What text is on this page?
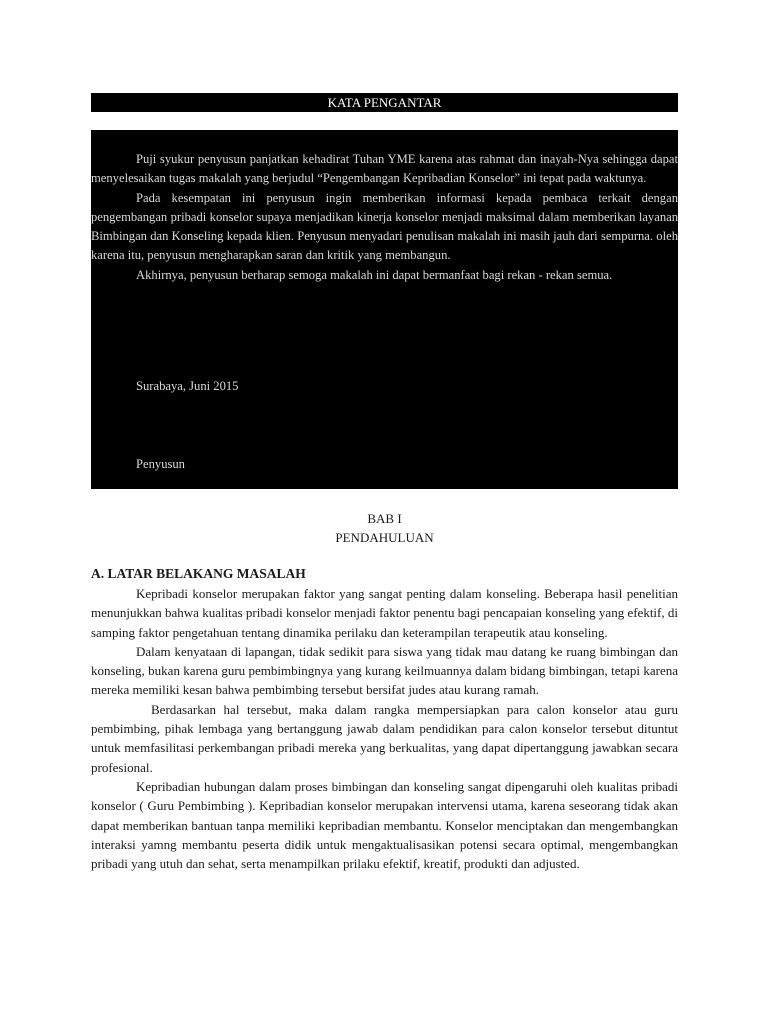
KATA PENGANTAR

Puji syukur penyusun panjatkan kehadirat Tuhan YME karena atas rahmat dan inayah-Nya sehingga dapat menyelesaikan tugas makalah yang berjudul “Pengembangan Kepribadian Konselor” ini tepat pada waktunya.

Pada kesempatan ini penyusun ingin memberikan informasi kepada pembaca terkait dengan pengembangan pribadi konselor supaya menjadikan kinerja konselor menjadi maksimal dalam memberikan layanan Bimbingan dan Konseling kepada klien. Penyusun menyadari penulisan makalah ini masih jauh dari sempurna. oleh karena itu, penyusun mengharapkan saran dan kritik yang membangun.

Akhirnya, penyusun berharap semoga makalah ini dapat bermanfaat bagi rekan - rekan semua.

Surabaya, Juni 2015
Penyusun
BAB I
PENDAHULUAN
A. LATAR BELAKANG MASALAH

Kepribadi konselor merupakan faktor yang sangat penting dalam konseling. Beberapa hasil penelitian menunjukkan bahwa kualitas pribadi konselor menjadi faktor penentu bagi pencapaian konseling yang efektif, di samping faktor pengetahuan tentang dinamika perilaku dan keterampilan terapeutik atau konseling.

Dalam kenyataan di lapangan, tidak sedikit para siswa yang tidak mau datang ke ruang bimbingan dan konseling, bukan karena guru pembimbingnya yang kurang keilmuannya dalam bidang bimbingan, tetapi karena mereka memiliki kesan bahwa pembimbing tersebut bersifat judes atau kurang ramah.

Berdasarkan hal tersebut, maka dalam rangka mempersiapkan para calon konselor atau guru pembimbing, pihak lembaga yang bertanggung jawab dalam pendidikan para calon konselor tersebut dituntut untuk memfasilitasi perkembangan pribadi mereka yang berkualitas, yang dapat dipertanggung jawabkan secara profesional.

Kepribadian hubungan dalam proses bimbingan dan konseling sangat dipengaruhi oleh kualitas pribadi konselor ( Guru Pembimbing ). Kepribadian konselor merupakan intervensi utama, karena seseorang tidak akan dapat memberikan bantuan tanpa memiliki kepribadian membantu. Konselor menciptakan dan mengembangkan interaksi yamng membantu peserta didik untuk mengaktualisasikan potensi secara optimal, mengembangkan pribadi yang utuh dan sehat, serta menampilkan prilaku efektif, kreatif, produkti dan adjusted.
